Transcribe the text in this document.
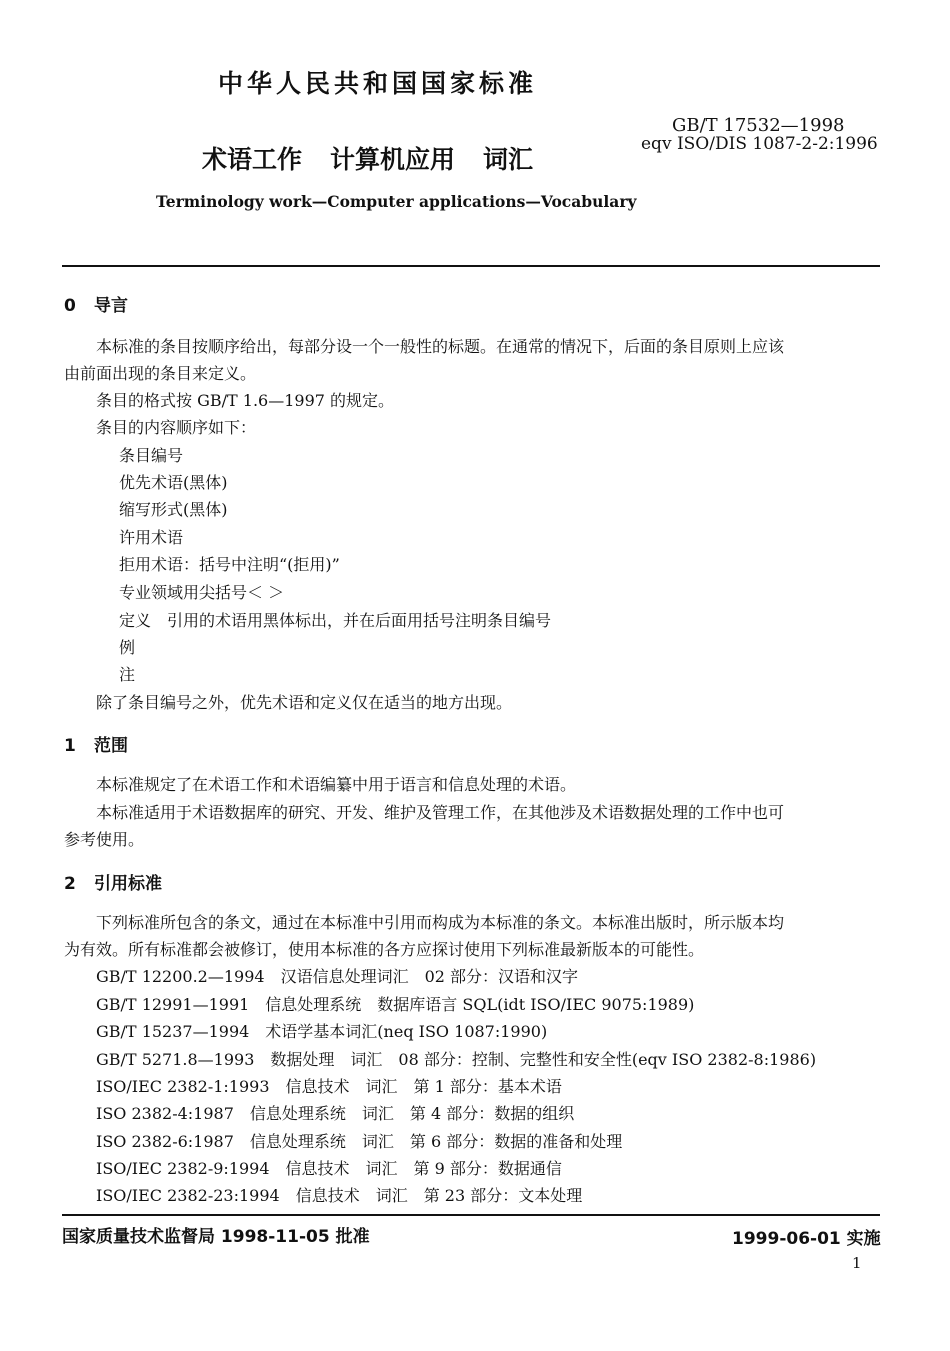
中华人民共和国国家标准
GB/T 17532—1998
eqv ISO/DIS 1087-2-2:1996
术语工作 计算机应用 词汇
Terminology work—Computer applications—Vocabulary
0 导言
本标准的条目按顺序给出，每部分设一个一般性的标题。在通常的情况下，后面的条目原则上应该
由前面出现的条目来定义。
条目的格式按 GB/T 1.6—1997 的规定。
条目的内容顺序如下：
条目编号
优先术语(黑体)
缩写形式(黑体)
许用术语
拒用术语：括号中注明“(拒用)”
专业领域用尖括号＜ ＞
定义　引用的术语用黑体标出，并在后面用括号注明条目编号
例
注
除了条目编号之外，优先术语和定义仅在适当的地方出现。
1 范围
本标准规定了在术语工作和术语编纂中用于语言和信息处理的术语。
本标准适用于术语数据库的研究、开发、维护及管理工作，在其他涉及术语数据处理的工作中也可
参考使用。
2 引用标准
下列标准所包含的条文，通过在本标准中引用而构成为本标准的条文。本标准出版时，所示版本均
为有效。所有标准都会被修订，使用本标准的各方应探讨使用下列标准最新版本的可能性。
GB/T 12200.2—1994　汉语信息处理词汇　02 部分：汉语和汉字
GB/T 12991—1991　信息处理系统　数据库语言 SQL(idt ISO/IEC 9075:1989)
GB/T 15237—1994　术语学基本词汇(neq ISO 1087:1990)
GB/T 5271.8—1993　数据处理　词汇　08 部分：控制、完整性和安全性(eqv ISO 2382-8:1986)
ISO/IEC 2382-1:1993　信息技术　词汇　第 1 部分：基本术语
ISO 2382-4:1987　信息处理系统　词汇　第 4 部分：数据的组织
ISO 2382-6:1987　信息处理系统　词汇　第 6 部分：数据的准备和处理
ISO/IEC 2382-9:1994　信息技术　词汇　第 9 部分：数据通信
ISO/IEC 2382-23:1994　信息技术　词汇　第 23 部分：文本处理
国家质量技术监督局 1998-11-05 批准	1999-06-01 实施
1
